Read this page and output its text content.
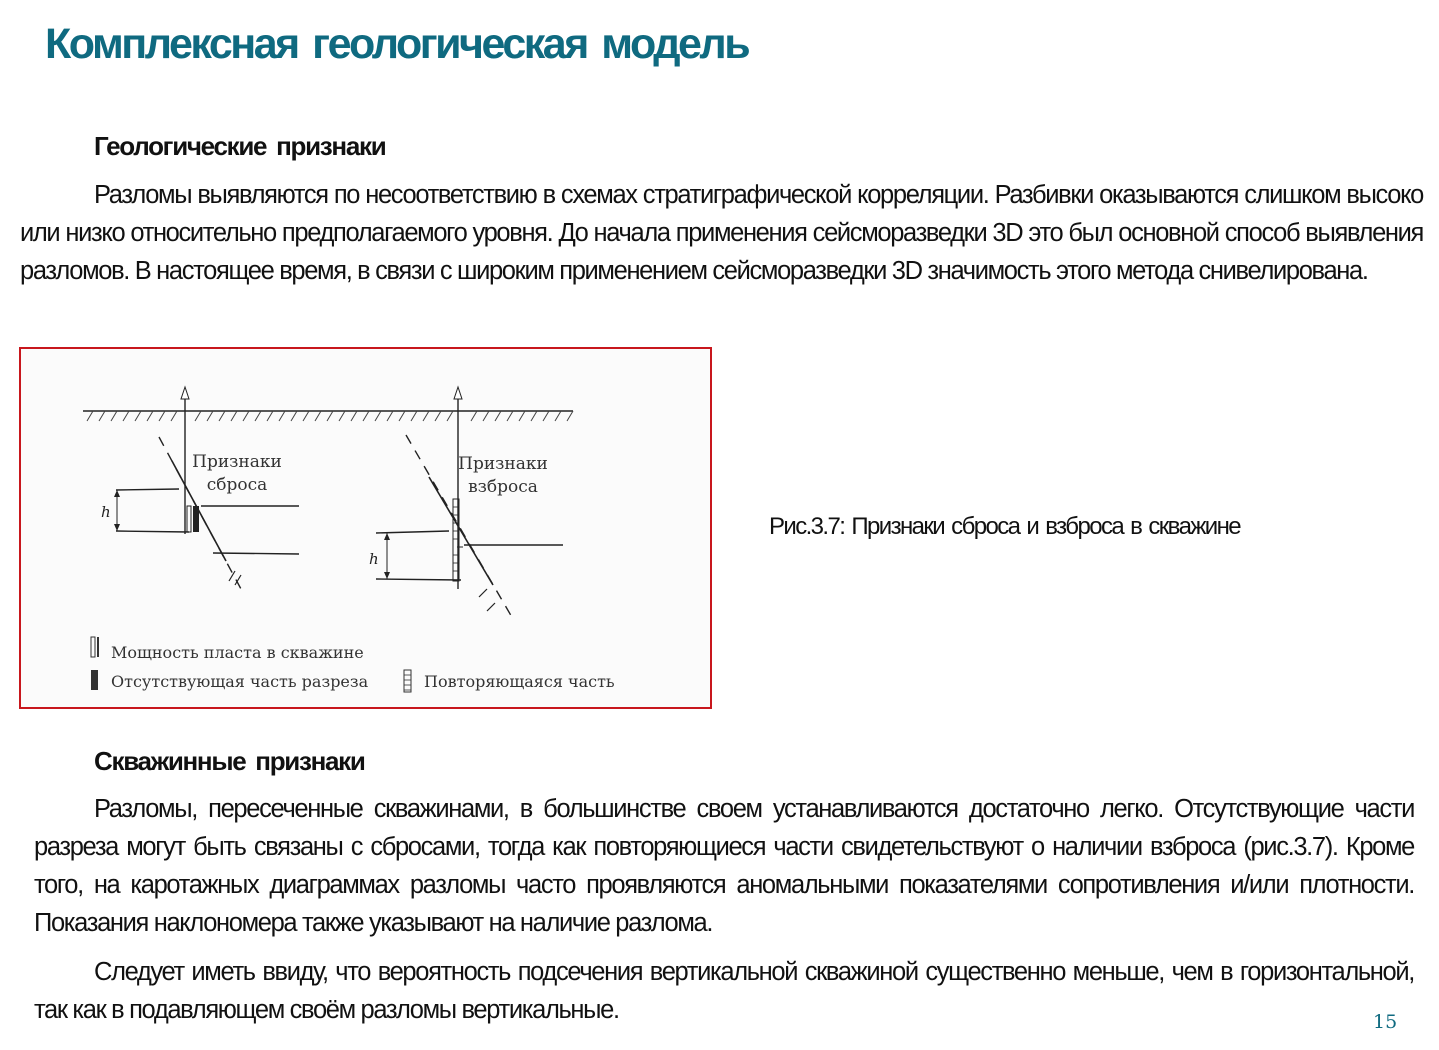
Комплексная геологическая модель
Геологические признаки
Разломы выявляются по несоответствию в схемах стратиграфической корреляции. Разбивки оказываются слишком высоко или низко относительно предполагаемого уровня. До начала применения сейсморазведки 3D это был основной способ выявления разломов. В настоящее время, в связи с широким применением сейсморазведки 3D значимость этого метода снивелирована.
h
Признаки
сброса
h
Признаки
взброса
Мощность пласта в скважине
Отсутствующая часть разреза	Повторяющаяся часть
Рис.3.7: Признаки сброса и взброса в скважине
Скважинные признаки
Разломы, пересеченные скважинами, в большинстве своем устанавливаются достаточно легко. Отсутствующие части разреза могут быть связаны с сбросами, тогда как повторяющиеся части свидетельствуют о наличии взброса (рис.3.7). Кроме того, на каротажных диаграммах разломы часто проявляются аномальными показателями сопротивления и/или плотности. Показания наклономера также указывают на наличие разлома.
Следует иметь ввиду, что вероятность подсечения вертикальной скважиной существенно меньше, чем в горизонтальной, так как в подавляющем своём разломы вертикальные.	15
